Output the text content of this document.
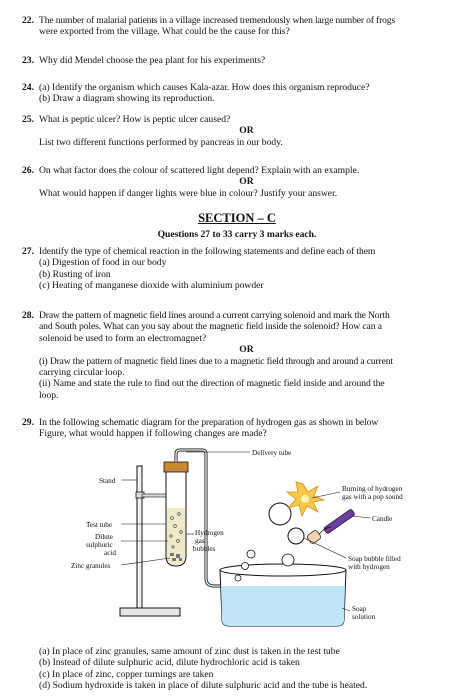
22. The number of malarial patients in a village increased tremendously when large number of frogs
were exported from the village. What could be the cause for this?
23. Why did Mendel choose the pea plant for his experiments?
24. (a) Identify the organism which causes Kala-azar. How does this organism reproduce?
(b) Draw a diagram showing its reproduction.
25. What is peptic ulcer? How is peptic ulcer caused?
OR
List two different functions performed by pancreas in our body.
26. On what factor does the colour of scattered light depend? Explain with an example.
OR
What would happen if danger lights were blue in colour? Justify your answer.
SECTION – C
Questions 27 to 33 carry 3 marks each.
27. Identify the type of chemical reaction in the following statements and define each of them
(a) Digestion of food in our body
(b) Rusting of iron
(c) Heating of manganese dioxide with aluminium powder
28. Draw the pattern of magnetic field lines around a current carrying solenoid and mark the North
and South poles. What can you say about the magnetic field inside the solenoid? How can a
solenoid be used to form an electromagnet?
OR
(i) Draw the pattern of magnetic field lines due to a magnetic field through and around a current
carrying circular loop.
(ii) Name and state the rule to find out the direction of magnetic field inside and around the
loop.
29. In the following schematic diagram for the preparation of hydrogen gas as shown in below
Figure, what would happen if following changes are made?
Delivery tube
Stand
Test tube
Dilute
sulphuric
acid
Zinc granules
Hydrogen
gas
bubbles
Burning of hydrogen
gas with a pop sound
Candle
Soap bubble filled
with hydrogen
Soap
solution
(a) In place of zinc granules, same amount of zinc dust is taken in the test tube
(b) Instead of dilute sulphuric acid, dilute hydrochloric acid is taken
(c) In place of zinc, copper turnings are taken
(d) Sodium hydroxide is taken in place of dilute sulphuric acid and the tube is heated.
